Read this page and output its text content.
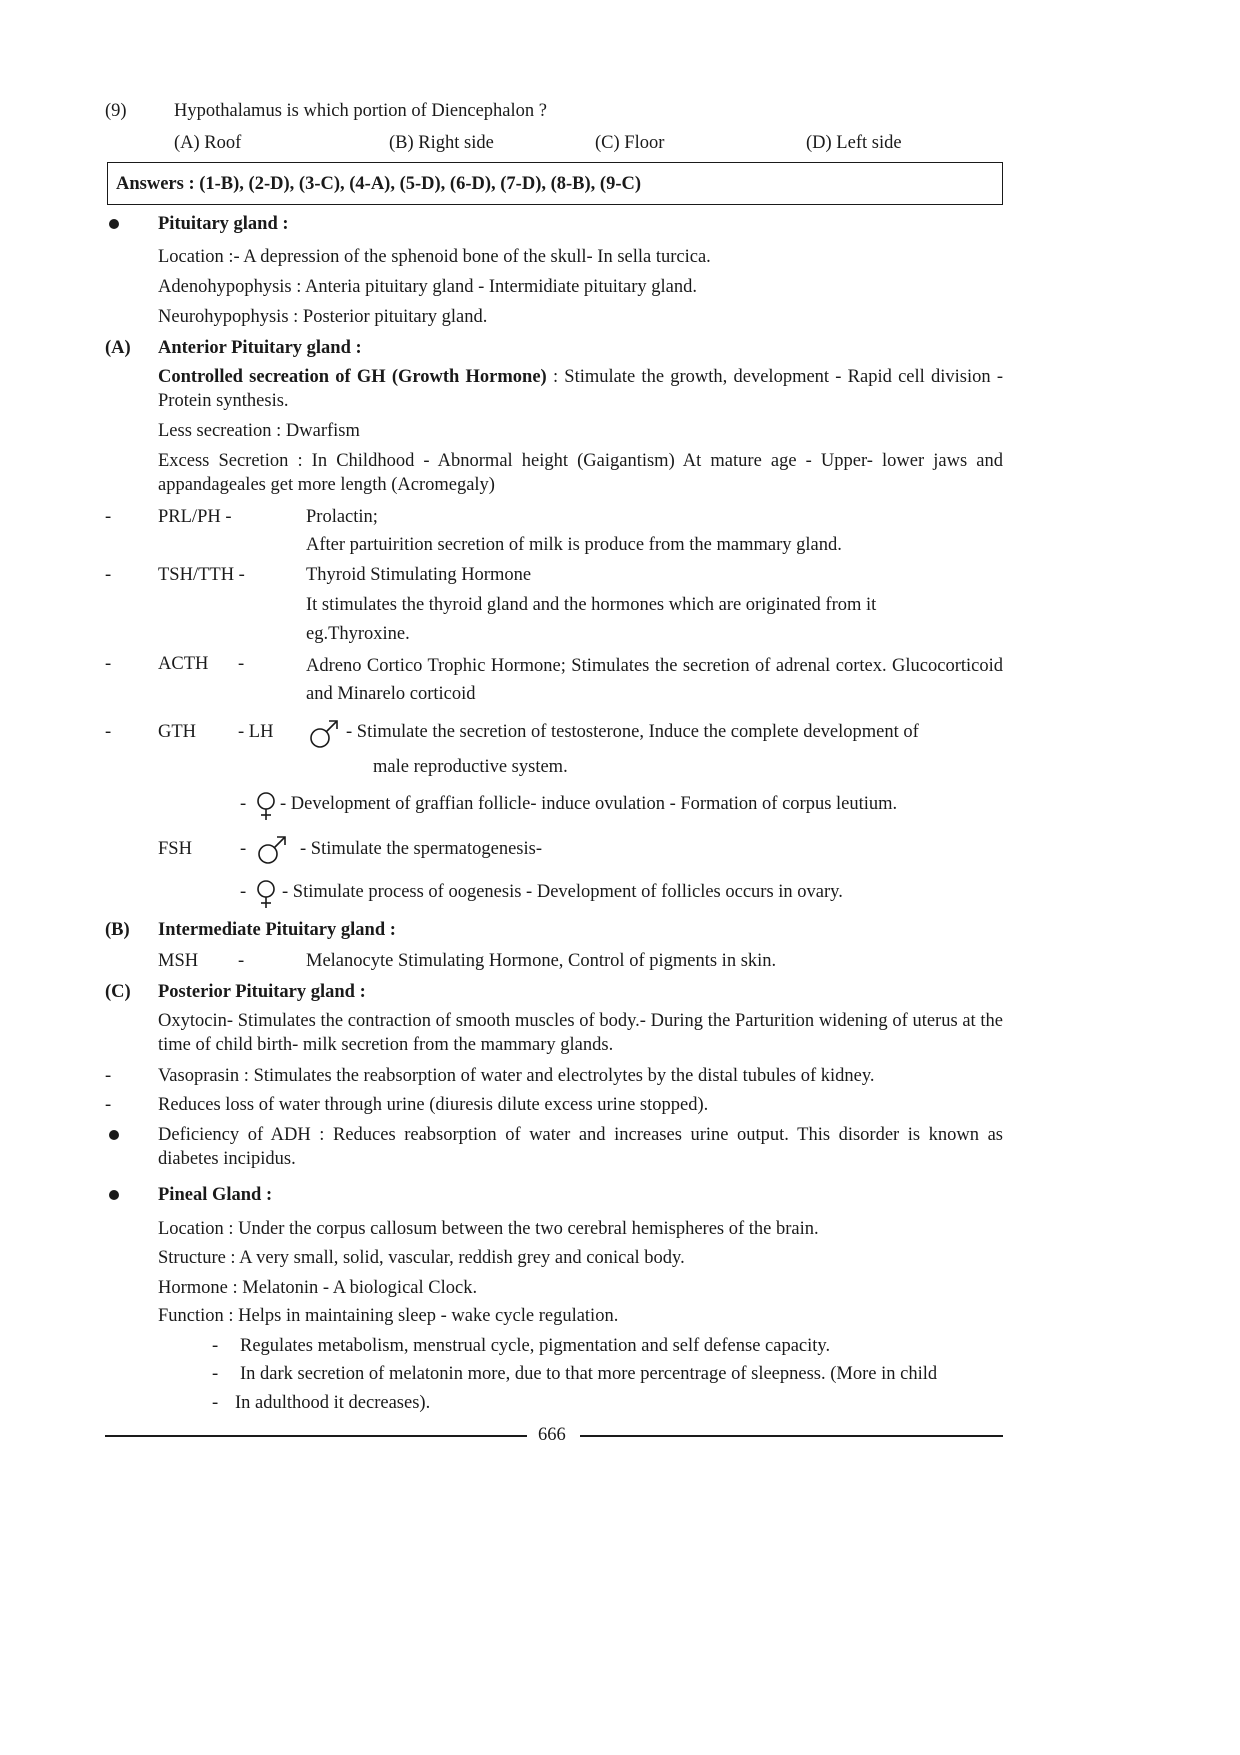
(9)	Hypothalamus is which portion of Diencephalon ?
(A) Roof	(B) Right side	(C) Floor	(D) Left side
Answers : (1-B), (2-D), (3-C), (4-A), (5-D), (6-D), (7-D), (8-B), (9-C)
Pituitary gland :
Location :- A depression of the sphenoid bone of the skull- In sella turcica.
Adenohypophysis : Anteria pituitary gland - Intermidiate pituitary gland.
Neurohypophysis : Posterior pituitary gland.
(A) Anterior Pituitary gland :
Controlled secreation of GH (Growth Hormone) : Stimulate the growth, development - Rapid cell division - Protein synthesis.
Less secreation : Dwarfism
Excess Secretion : In Childhood - Abnormal height (Gaigantism) At mature age - Upper- lower jaws and appandageales get more length (Acromegaly)
-	PRL/PH -	Prolactin;
After partuirition secretion of milk is produce from the mammary gland.
-	TSH/TTH -	Thyroid Stimulating Hormone
It stimulates the thyroid gland and the hormones which are originated from it
eg.Thyroxine.
-	ACTH -	Adreno Cortico Trophic Hormone; Stimulates the secretion of adrenal cortex. Glucocorticoid and Minarelo corticoid
-	GTH - LH	- Stimulate the secretion of testosterone, Induce the complete development of
male reproductive system.
- - Development of graffian follicle- induce ovulation - Formation of corpus leutium.
FSH	-	- Stimulate the spermatogenesis-
- - Stimulate process of oogenesis - Development of follicles occurs in ovary.
(B) Intermediate Pituitary gland :
MSH -	Melanocyte Stimulating Hormone, Control of pigments in skin.
(C) Posterior Pituitary gland :
Oxytocin- Stimulates the contraction of smooth muscles of body.- During the Parturition widening of uterus at the time of child birth- milk secretion from the mammary glands.
-	Vasoprasin : Stimulates the reabsorption of water and electrolytes by the distal tubules of kidney.
-	Reduces loss of water through urine (diuresis dilute excess urine stopped).
Deficiency of ADH : Reduces reabsorption of water and increases urine output. This disorder is known as diabetes incipidus.
Pineal Gland :
Location : Under the corpus callosum between the two cerebral hemispheres of the brain.
Structure : A very small, solid, vascular, reddish grey and conical body.
Hormone : Melatonin - A biological Clock.
Function : Helps in maintaining sleep - wake cycle regulation.
- Regulates metabolism, menstrual cycle, pigmentation and self defense capacity.
- In dark secretion of melatonin more, due to that more percentrage of sleepness. (More in child
- In adulthood it decreases).
666
